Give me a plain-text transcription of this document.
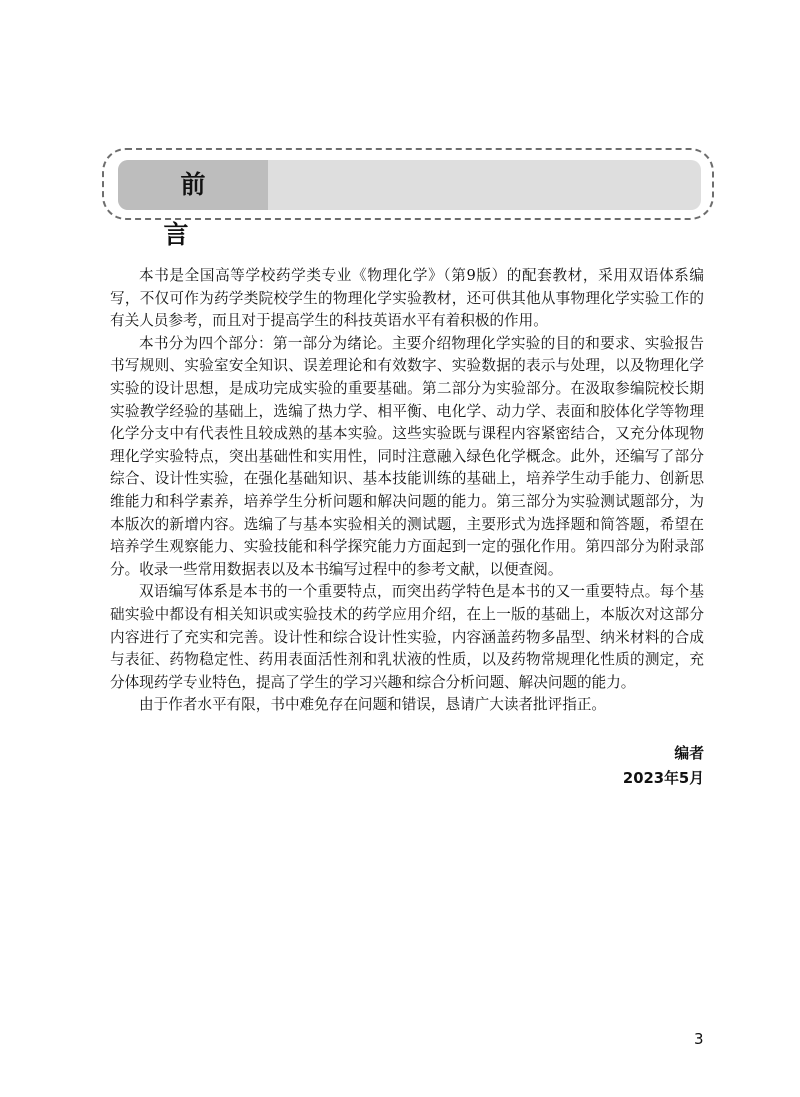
前言

本书是全国高等学校药学类专业《物理化学》（第9版）的配套教材，采用双语体系编写，不仅可作为药学类院校学生的物理化学实验教材，还可供其他从事物理化学实验工作的有关人员参考，而且对于提高学生的科技英语水平有着积极的作用。

本书分为四个部分：第一部分为绪论。主要介绍物理化学实验的目的和要求、实验报告书写规则、实验室安全知识、误差理论和有效数字、实验数据的表示与处理，以及物理化学实验的设计思想，是成功完成实验的重要基础。第二部分为实验部分。在汲取参编院校长期实验教学经验的基础上，选编了热力学、相平衡、电化学、动力学、表面和胶体化学等物理化学分支中有代表性且较成熟的基本实验。这些实验既与课程内容紧密结合，又充分体现物理化学实验特点，突出基础性和实用性，同时注意融入绿色化学概念。此外，还编写了部分综合、设计性实验，在强化基础知识、基本技能训练的基础上，培养学生动手能力、创新思维能力和科学素养，培养学生分析问题和解决问题的能力。第三部分为实验测试题部分，为本版次的新增内容。选编了与基本实验相关的测试题，主要形式为选择题和简答题，希望在培养学生观察能力、实验技能和科学探究能力方面起到一定的强化作用。第四部分为附录部分。收录一些常用数据表以及本书编写过程中的参考文献，以便查阅。

双语编写体系是本书的一个重要特点，而突出药学特色是本书的又一重要特点。每个基础实验中都设有相关知识或实验技术的药学应用介绍，在上一版的基础上，本版次对这部分内容进行了充实和完善。设计性和综合设计性实验，内容涵盖药物多晶型、纳米材料的合成与表征、药物稳定性、药用表面活性剂和乳状液的性质，以及药物常规理化性质的测定，充分体现药学专业特色，提高了学生的学习兴趣和综合分析问题、解决问题的能力。

由于作者水平有限，书中难免存在问题和错误，恳请广大读者批评指正。

编者
2023年5月
3
